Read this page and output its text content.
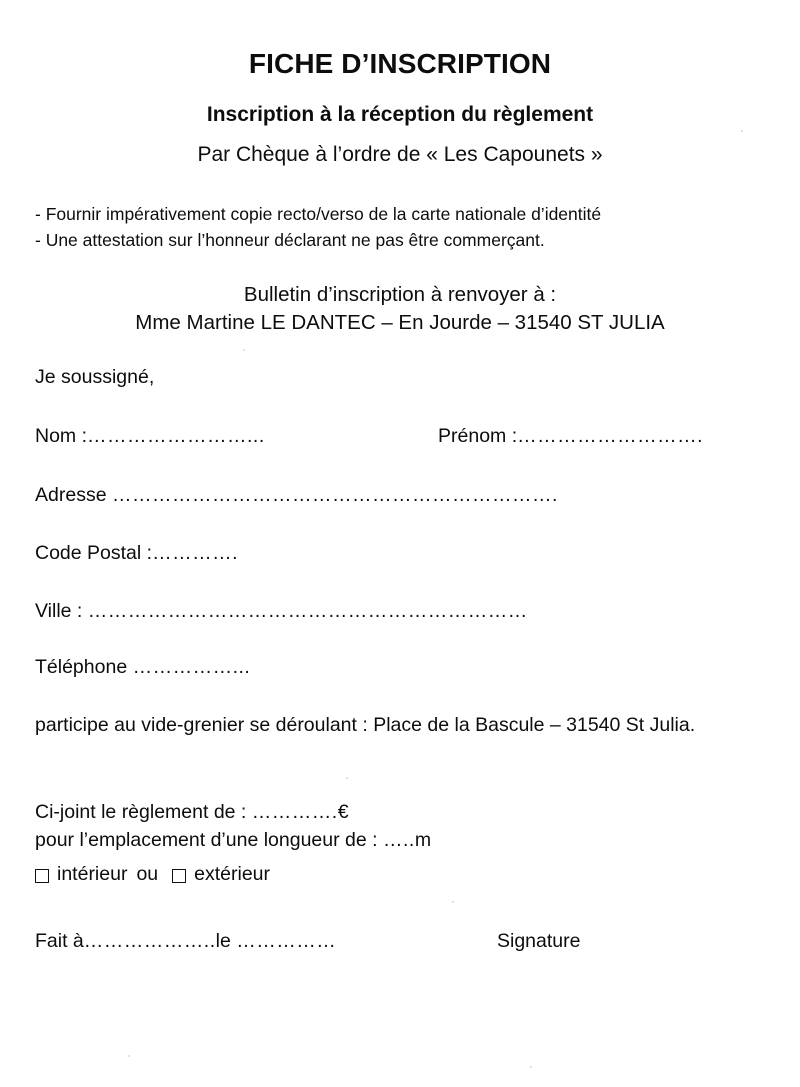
FICHE D’INSCRIPTION
Inscription à la réception du règlement
Par Chèque à l’ordre de « Les Capounets »
- Fournir impérativement copie recto/verso de la carte nationale d’identité
- Une attestation sur l’honneur déclarant ne pas être commerçant.
Bulletin d’inscription à renvoyer à :
Mme Martine LE DANTEC – En Jourde – 31540 ST JULIA
Je soussigné,
Nom :……………………...	Prénom :……………………….
Adresse ………………………………………………………….
Code Postal :………….
Ville : …………………………………………………………
Téléphone ……………...
participe au vide-grenier se déroulant : Place de la Bascule – 31540 St Julia.
Ci-joint le règlement de : ………….€
pour l’emplacement d’une longueur de : …..m
intérieur ou extérieur
Fait à………………..le ……………	Signature
